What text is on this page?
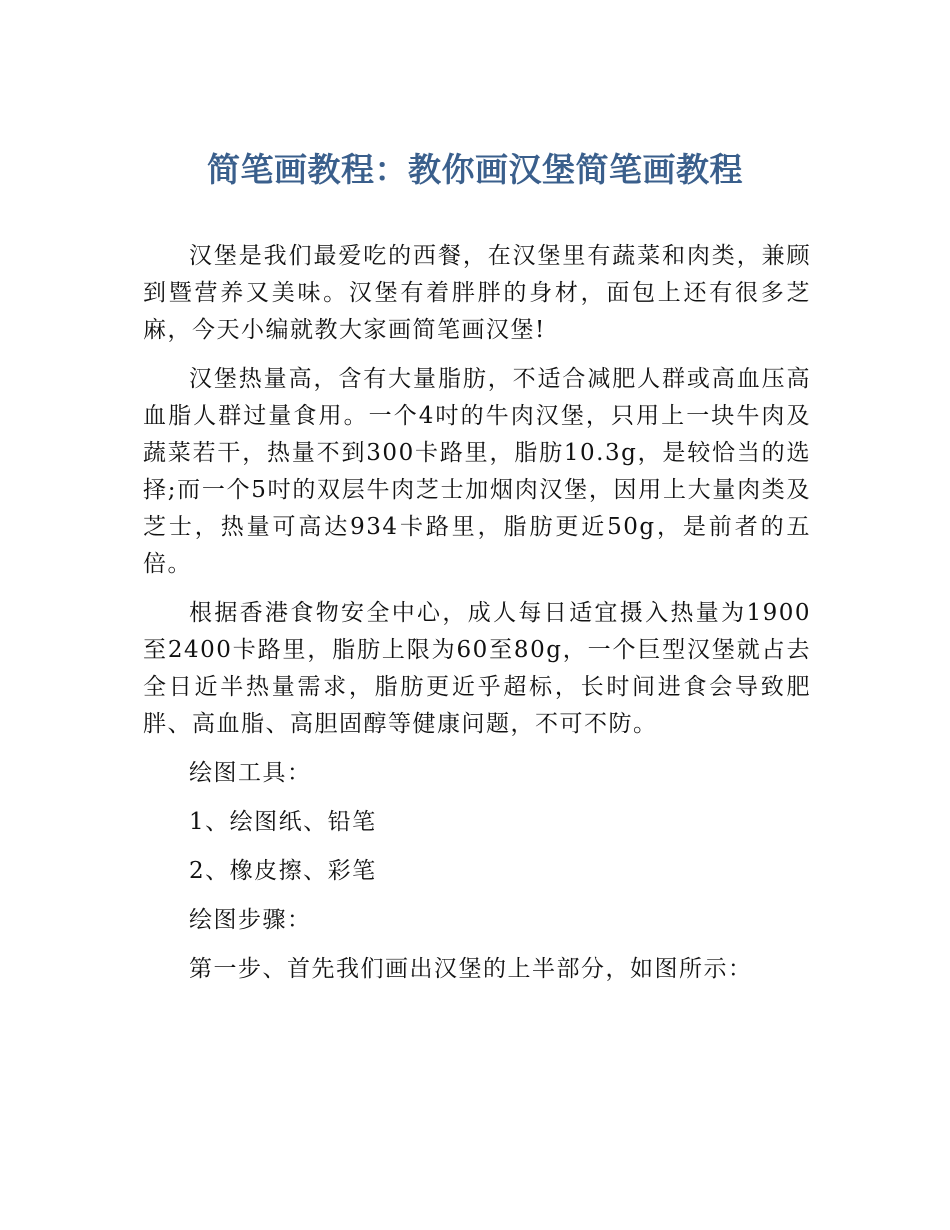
简笔画教程：教你画汉堡简笔画教程

汉堡是我们最爱吃的西餐，在汉堡里有蔬菜和肉类，兼顾到暨营养又美味。汉堡有着胖胖的身材，面包上还有很多芝麻，今天小编就教大家画简笔画汉堡!

汉堡热量高，含有大量脂肪，不适合减肥人群或高血压高血脂人群过量食用。一个4吋的牛肉汉堡，只用上一块牛肉及蔬菜若干，热量不到300卡路里，脂肪10.3g，是较恰当的选择;而一个5吋的双层牛肉芝士加烟肉汉堡，因用上大量肉类及芝士，热量可高达934卡路里，脂肪更近50g，是前者的五倍。

根据香港食物安全中心，成人每日适宜摄入热量为1900至2400卡路里，脂肪上限为60至80g，一个巨型汉堡就占去全日近半热量需求，脂肪更近乎超标，长时间进食会导致肥胖、高血脂、高胆固醇等健康问题，不可不防。

绘图工具：

1、绘图纸、铅笔

2、橡皮擦、彩笔

绘图步骤：

第一步、首先我们画出汉堡的上半部分，如图所示：
